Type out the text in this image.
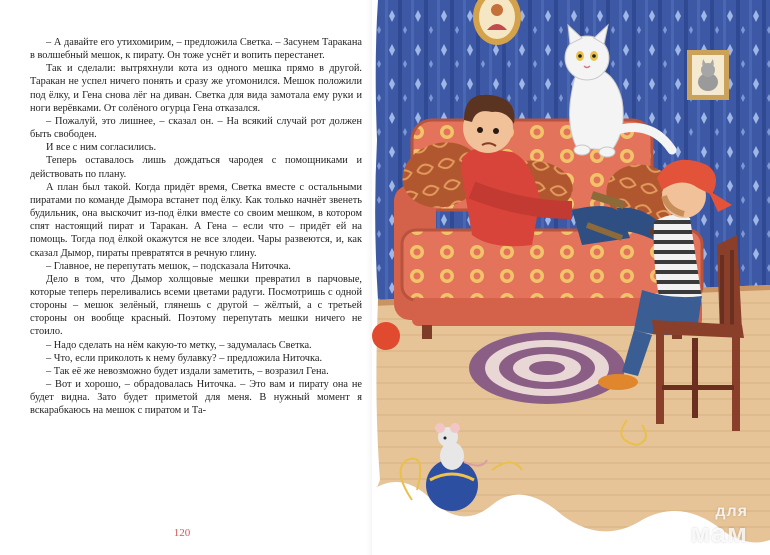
– А давайте его утихомирим, – предложила Светка. – Засунем Таракана в волшебный мешок, к пирату. Он тоже уснёт и вопить перестанет.

Так и сделали: вытряхнули кота из одного мешка прямо в другой. Таракан не успел ничего понять и сразу же угомонился. Мешок положили под ёлку, и Гена снова лёг на диван. Светка для вида замотала ему руки и ноги верёвками. От солёного огурца Гена отказался.

– Пожалуй, это лишнее, – сказал он. – На всякий случай рот должен быть свободен.

И все с ним согласились.

Теперь оставалось лишь дождаться чародея с помощниками и действовать по плану.

А план был такой. Когда придёт время, Светка вместе с остальными пиратами по команде Дымора встанет под ёлку. Как только начнёт звенеть будильник, она выскочит из-под ёлки вместе со своим мешком, в котором спят настоящий пират и Таракан. А Гена – если что – придёт ей на помощь. Тогда под ёлкой окажутся не все злодеи. Чары развеются, и, как сказал Дымор, пираты превратятся в речную глину.

– Главное, не перепутать мешок, – подсказала Ниточка.

Дело в том, что Дымор холщовые мешки превратил в парчовые, которые теперь переливались всеми цветами радуги. Посмотришь с одной стороны – мешок зелёный, глянешь с другой – жёлтый, а с третьей стороны он вообще красный. Поэтому перепутать мешки ничего не стоило.

– Надо сделать на нём какую-то метку, – задумалась Светка.

– Что, если приколоть к нему булавку? – предложила Ниточка.

– Так её же невозможно будет издали заметить, – возразил Гена.

– Вот и хорошо, – обрадовалась Ниточка. – Это вам и пирату она не будет видна. Зато будет приметой для меня. В нужный момент я вскарабкаюсь на мешок с пиратом и Та-

120
для
мам
